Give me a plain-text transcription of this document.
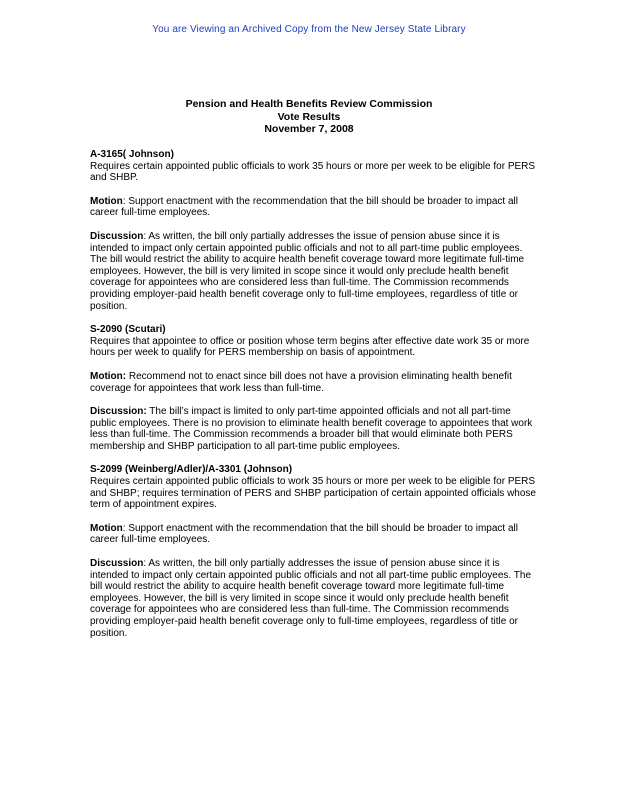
You are Viewing an Archived Copy from the New Jersey State Library
Pension and Health Benefits Review Commission
Vote Results
November 7, 2008
A-3165( Johnson)

Requires certain appointed public officials to work 35 hours or more per week to be eligible for PERS and SHBP.

Motion: Support enactment with the recommendation that the bill should be broader to impact all career full-time employees.

Discussion: As written, the bill only partially addresses the issue of pension abuse since it is intended to impact only certain appointed public officials and not to all part-time public employees. The bill would restrict the ability to acquire health benefit coverage toward more legitimate full-time employees. However, the bill is very limited in scope since it would only preclude health benefit coverage for appointees who are considered less than full-time. The Commission recommends providing employer-paid health benefit coverage only to full-time employees, regardless of title or position.

S-2090 (Scutari)

Requires that appointee to office or position whose term begins after effective date work 35 or more hours per week to qualify for PERS membership on basis of appointment.

Motion: Recommend not to enact since bill does not have a provision eliminating health benefit coverage for appointees that work less than full-time.

Discussion: The bill’s impact is limited to only part-time appointed officials and not all part-time public employees. There is no provision to eliminate health benefit coverage to appointees that work less than full-time. The Commission recommends a broader bill that would eliminate both PERS membership and SHBP participation to all part-time public employees.

S-2099 (Weinberg/Adler)/A-3301 (Johnson)

Requires certain appointed public officials to work 35 hours or more per week to be eligible for PERS and SHBP; requires termination of PERS and SHBP participation of certain appointed officials whose term of appointment expires.

Motion: Support enactment with the recommendation that the bill should be broader to impact all career full-time employees.

Discussion: As written, the bill only partially addresses the issue of pension abuse since it is intended to impact only certain appointed public officials and not all part-time public employees. The bill would restrict the ability to acquire health benefit coverage toward more legitimate full-time employees. However, the bill is very limited in scope since it would only preclude health benefit coverage for appointees who are considered less than full-time. The Commission recommends providing employer-paid health benefit coverage only to full-time employees, regardless of title or position.
